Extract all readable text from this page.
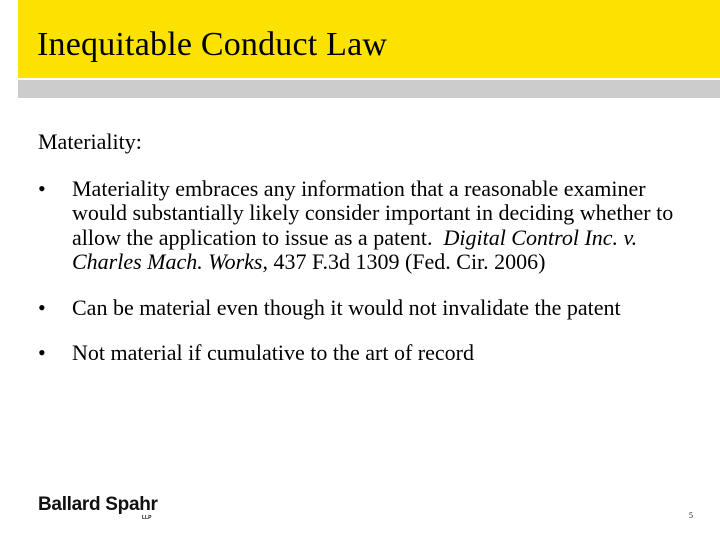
Inequitable Conduct Law
Materiality:
• Materiality embraces any information that a reasonable examiner would substantially likely consider important in deciding whether to allow the application to issue as a patent. Digital Control Inc. v. Charles Mach. Works, 437 F.3d 1309 (Fed. Cir. 2006)
• Can be material even though it would not invalidate the patent
• Not material if cumulative to the art of record
Ballard Spahr
LLP	5
